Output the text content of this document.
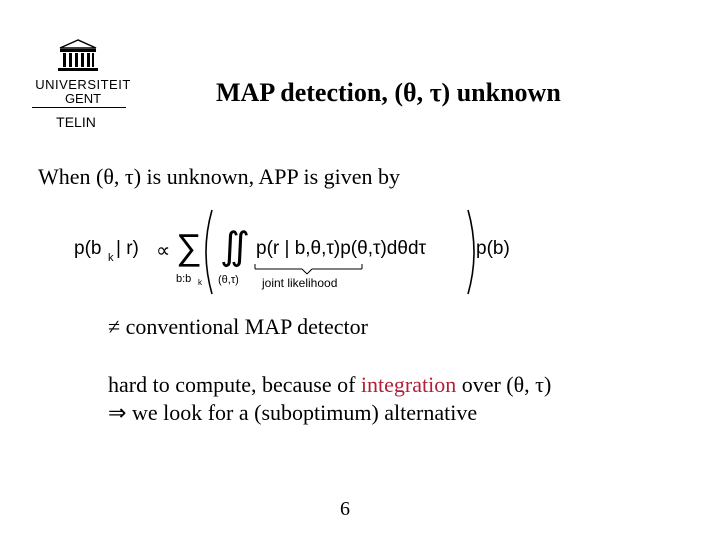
UNIVERSITEIT
GENT
TELIN
MAP detection, (θ, τ) unknown
When (θ, τ) is unknown, APP is given by
p(b k | r) ∝ ∑
b:b k
∬
(θ,τ)
p(r | b,θ,τ)p(θ,τ)dθdτ	p(b)
joint likelihood
≠ conventional MAP detector
hard to compute, because of integration over (θ, τ)
⇒ we look for a (suboptimum) alternative
6
